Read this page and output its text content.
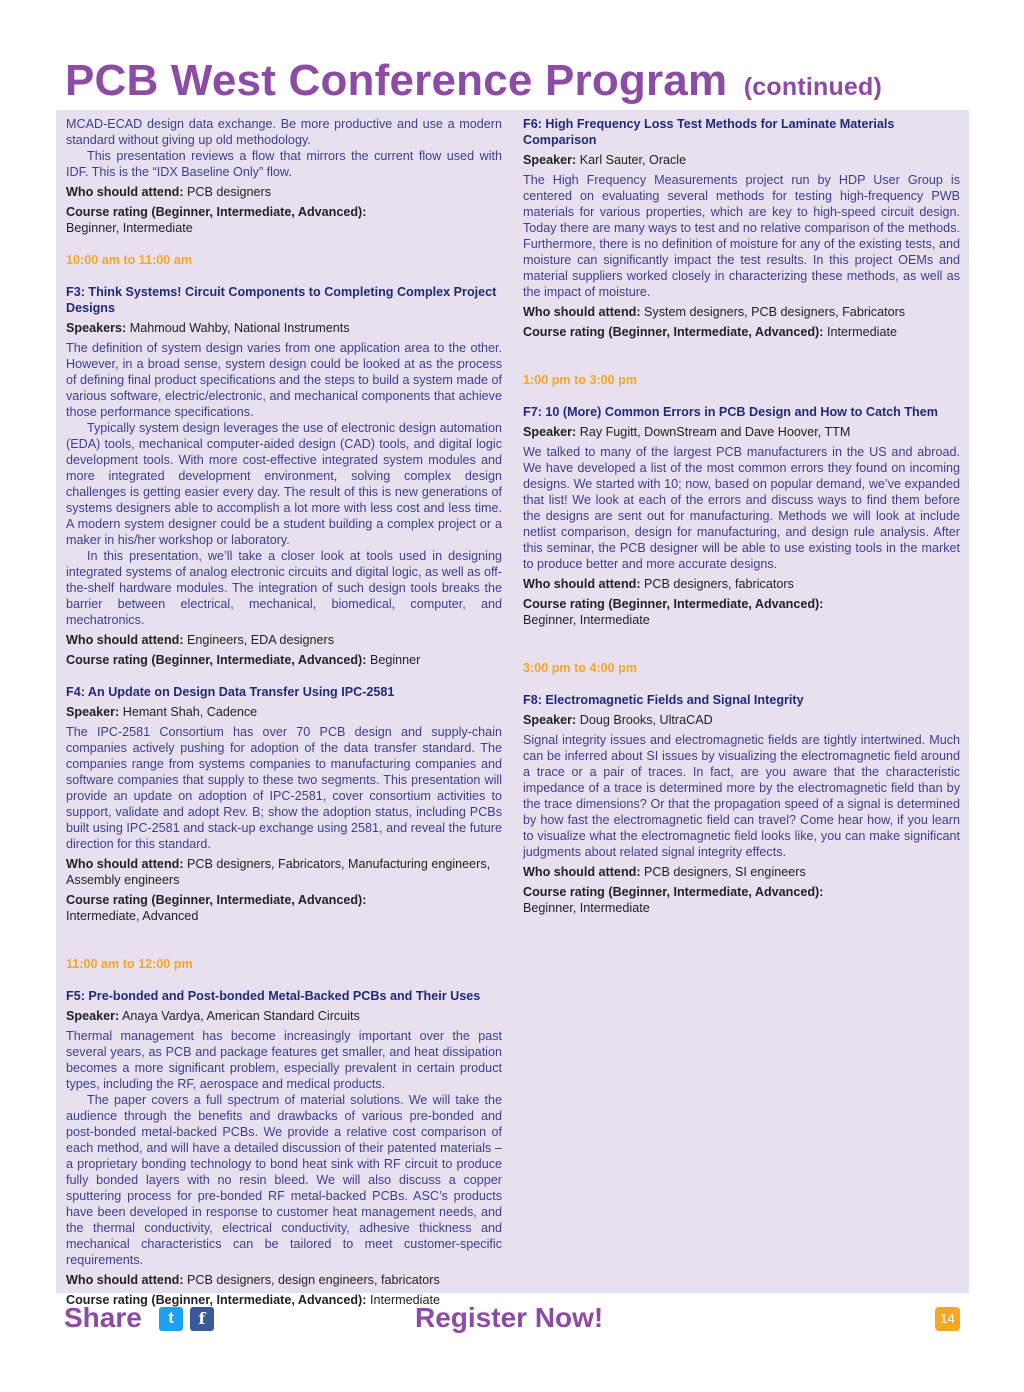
PCB West Conference Program (continued)

MCAD-ECAD design data exchange. Be more productive and use a modern standard without giving up old methodology.

This presentation reviews a flow that mirrors the current flow used with IDF. This is the “IDX Baseline Only” flow.

Who should attend: PCB designers

Course rating (Beginner, Intermediate, Advanced):
Beginner, Intermediate

10:00 am to 11:00 am

F3: Think Systems! Circuit Components to Completing Complex Project Designs

Speakers: Mahmoud Wahby, National Instruments

The definition of system design varies from one application area to the other. However, in a broad sense, system design could be looked at as the process of defining final product specifications and the steps to build a system made of various software, electric/electronic, and mechanical components that achieve those performance specifications.

Typically system design leverages the use of electronic design automation (EDA) tools, mechanical computer-aided design (CAD) tools, and digital logic development tools. With more cost-effective integrated system modules and more integrated development environment, solving complex design challenges is getting easier every day. The result of this is new generations of systems designers able to accomplish a lot more with less cost and less time. A modern system designer could be a student building a complex project or a maker in his/her workshop or laboratory.

In this presentation, we’ll take a closer look at tools used in designing integrated systems of analog electronic circuits and digital logic, as well as off-the-shelf hardware modules. The integration of such design tools breaks the barrier between electrical, mechanical, biomedical, computer, and mechatronics.

Who should attend: Engineers, EDA designers

Course rating (Beginner, Intermediate, Advanced): Beginner

F4: An Update on Design Data Transfer Using IPC-2581

Speaker: Hemant Shah, Cadence

The IPC-2581 Consortium has over 70 PCB design and supply-chain companies actively pushing for adoption of the data transfer standard. The companies range from systems companies to manufacturing companies and software companies that supply to these two segments. This presentation will provide an update on adoption of IPC-2581, cover consortium activities to support, validate and adopt Rev. B; show the adoption status, including PCBs built using IPC-2581 and stack-up exchange using 2581, and reveal the future direction for this standard.

Who should attend: PCB designers, Fabricators, Manufacturing engineers, Assembly engineers

Course rating (Beginner, Intermediate, Advanced):
Intermediate, Advanced

11:00 am to 12:00 pm

F5: Pre-bonded and Post-bonded Metal-Backed PCBs and Their Uses

Speaker: Anaya Vardya, American Standard Circuits

Thermal management has become increasingly important over the past several years, as PCB and package features get smaller, and heat dissipation becomes a more significant problem, especially prevalent in certain product types, including the RF, aerospace and medical products.

The paper covers a full spectrum of material solutions. We will take the audience through the benefits and drawbacks of various pre-bonded and post-bonded metal-backed PCBs. We provide a relative cost comparison of each method, and will have a detailed discussion of their patented materials – a proprietary bonding technology to bond heat sink with RF circuit to produce fully bonded layers with no resin bleed. We will also discuss a copper sputtering process for pre-bonded RF metal-backed PCBs. ASC’s products have been developed in response to customer heat management needs, and the thermal conductivity, electrical conductivity, adhesive thickness and mechanical characteristics can be tailored to meet customer-specific requirements.

Who should attend: PCB designers, design engineers, fabricators

Course rating (Beginner, Intermediate, Advanced): Intermediate

F6: High Frequency Loss Test Methods for Laminate Materials Comparison

Speaker: Karl Sauter, Oracle

The High Frequency Measurements project run by HDP User Group is centered on evaluating several methods for testing high-frequency PWB materials for various properties, which are key to high-speed circuit design. Today there are many ways to test and no relative comparison of the methods. Furthermore, there is no definition of moisture for any of the existing tests, and moisture can significantly impact the test results. In this project OEMs and material suppliers worked closely in characterizing these methods, as well as the impact of moisture.

Who should attend: System designers, PCB designers, Fabricators

Course rating (Beginner, Intermediate, Advanced): Intermediate

1:00 pm to 3:00 pm

F7: 10 (More) Common Errors in PCB Design and How to Catch Them

Speaker: Ray Fugitt, DownStream and Dave Hoover, TTM

We talked to many of the largest PCB manufacturers in the US and abroad. We have developed a list of the most common errors they found on incoming designs. We started with 10; now, based on popular demand, we’ve expanded that list! We look at each of the errors and discuss ways to find them before the designs are sent out for manufacturing. Methods we will look at include netlist comparison, design for manufacturing, and design rule analysis. After this seminar, the PCB designer will be able to use existing tools in the market to produce better and more accurate designs.

Who should attend: PCB designers, fabricators

Course rating (Beginner, Intermediate, Advanced):
Beginner, Intermediate

3:00 pm to 4:00 pm

F8: Electromagnetic Fields and Signal Integrity

Speaker: Doug Brooks, UltraCAD

Signal integrity issues and electromagnetic fields are tightly intertwined. Much can be inferred about SI issues by visualizing the electromagnetic field around a trace or a pair of traces. In fact, are you aware that the characteristic impedance of a trace is determined more by the electromagnetic field than by the trace dimensions? Or that the propagation speed of a signal is determined by how fast the electromagnetic field can travel? Come hear how, if you learn to visualize what the electromagnetic field looks like, you can make significant judgments about related signal integrity effects.

Who should attend: PCB designers, SI engineers

Course rating (Beginner, Intermediate, Advanced):
Beginner, Intermediate

Share	t	f	Register Now!	14
